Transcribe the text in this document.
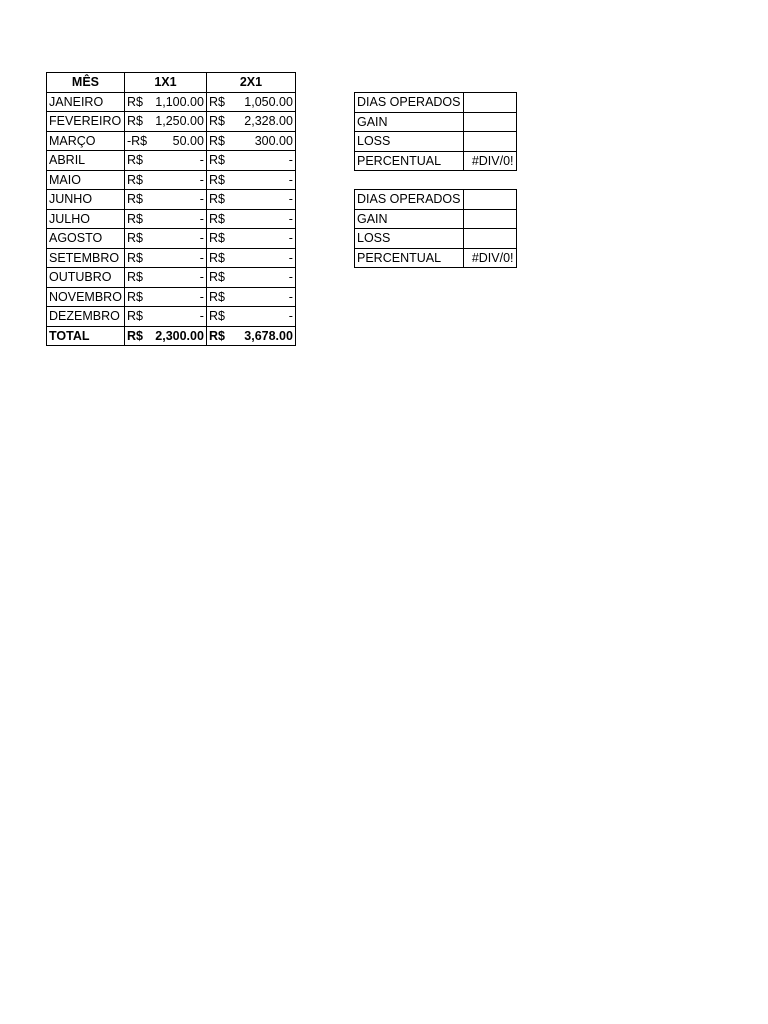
MÊS	1X1	2X1
JANEIRO	R$ 1,100.00	R$ 1,050.00

FEVEREIRO	R$ 1,250.00	R$ 2,328.00

MARÇO	-R$ 50.00	R$ 300.00

ABRIL	R$ -	R$ -

MAIO	R$ -	R$ -

JUNHO	R$ -	R$ -

JULHO	R$ -	R$ -

AGOSTO	R$ -	R$ -

SETEMBRO	R$ -	R$ -

OUTUBRO	R$ -	R$ -

NOVEMBRO	R$ -	R$ -

DEZEMBRO	R$ -	R$ -

TOTAL	R$ 2,300.00	R$ 3,678.00
DIAS OPERADOS	
GAIN	
LOSS	
PERCENTUAL	#DIV/0!
DIAS OPERADOS	
GAIN	
LOSS	
PERCENTUAL	#DIV/0!
